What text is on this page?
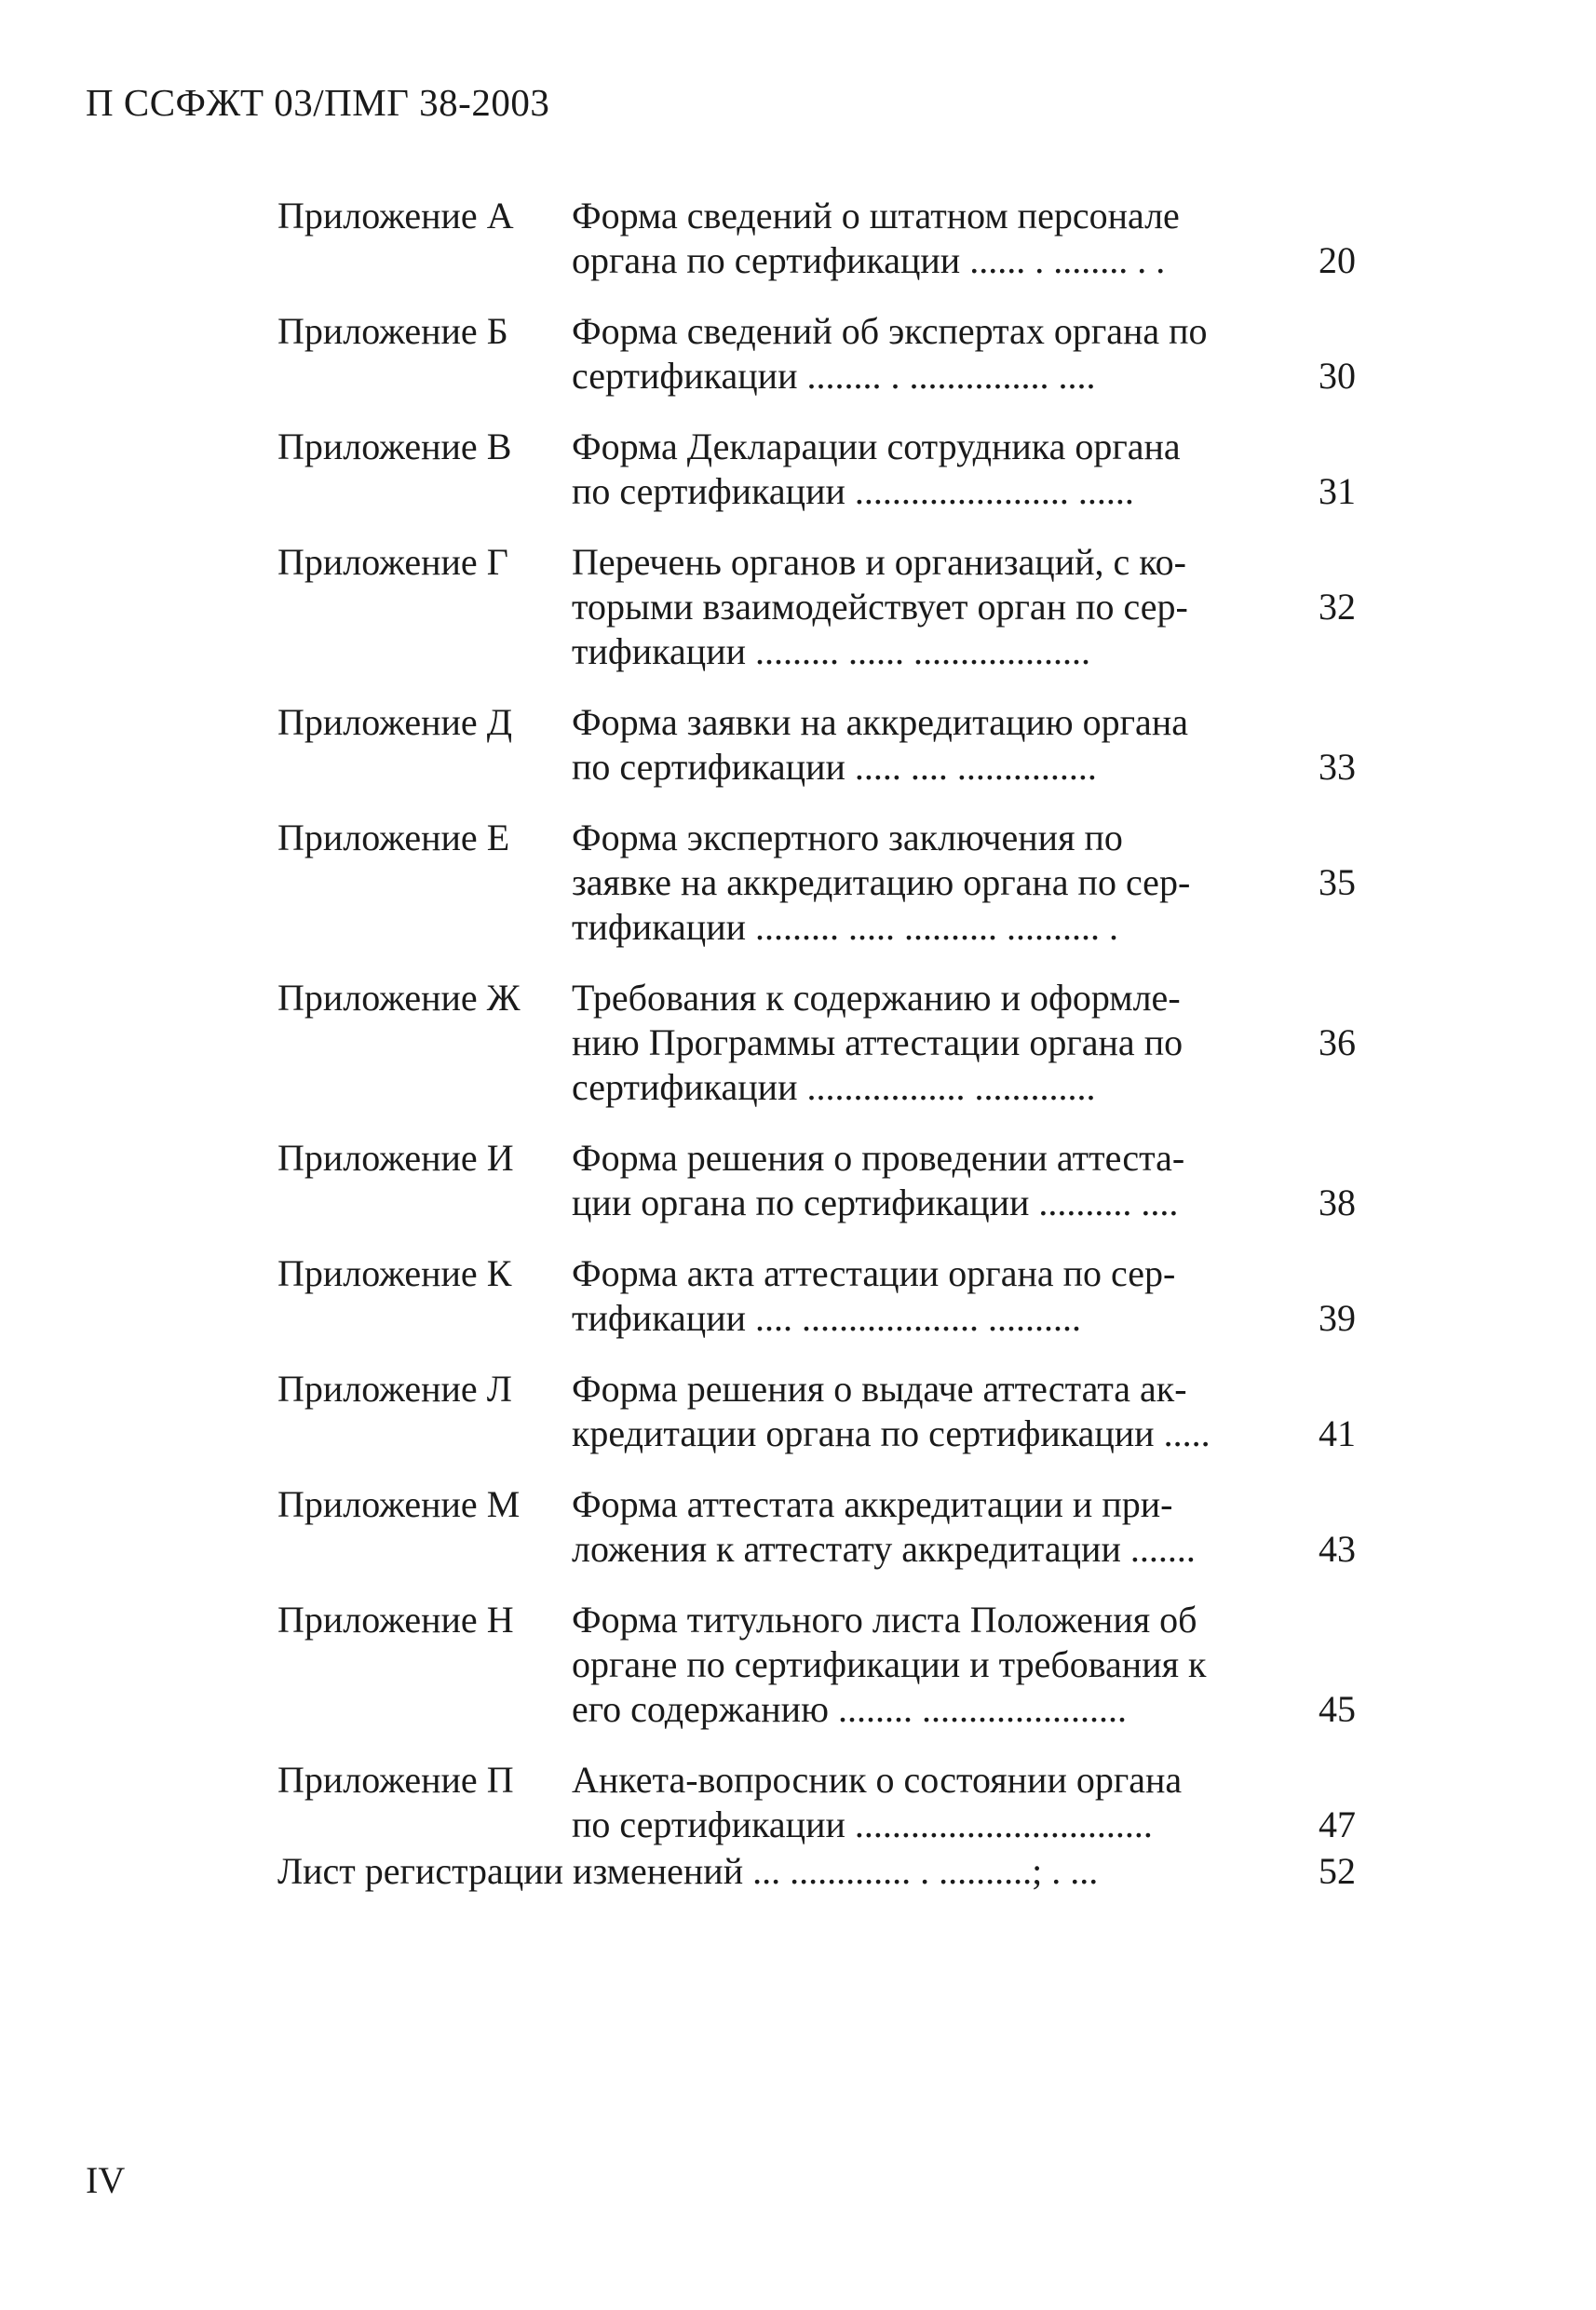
П ССФЖТ 03/ПМГ 38-2003
Приложение А Форма сведений о штатном персонале
органа по сертификации ...... . ........ . .	20
Приложение Б Форма сведений об экспертах органа по
сертификации ........ . ............... ....	30
Приложение В Форма Декларации сотрудника органа
по сертификации ....................... ......	31
Приложение Г Перечень органов и организаций, с ко-
торыми взаимодействует орган по сер-
тификации ......... ...... ...................
32
Приложение Д Форма заявки на аккредитацию органа
по сертификации ..... .... ...............	33
Приложение Е Форма экспертного заключения по
заявке на аккредитацию органа по сер-
тификации ......... ..... .......... .......... .
35
Приложение Ж Требования к содержанию и оформле-
нию Программы аттестации органа по
сертификации ................. .............
36
Приложение И Форма решения о проведении аттеста-
ции органа по сертификации .......... ....	38
Приложение К Форма акта аттестации органа по сер-
тификации .... ................... ..........	39
Приложение Л Форма решения о выдаче аттестата ак-
кредитации органа по сертификации .....	41
Приложение М Форма аттестата аккредитации и при-
ложения к аттестату аккредитации .......	43
Приложение Н Форма титульного листа Положения об
органе по сертификации и требования к
его содержанию ........ ......................	45
Приложение П Анкета-вопросник о состоянии органа
по сертификации ................................	47
Лист регистрации изменений ... ............. . ..........; . ...	52
IV
